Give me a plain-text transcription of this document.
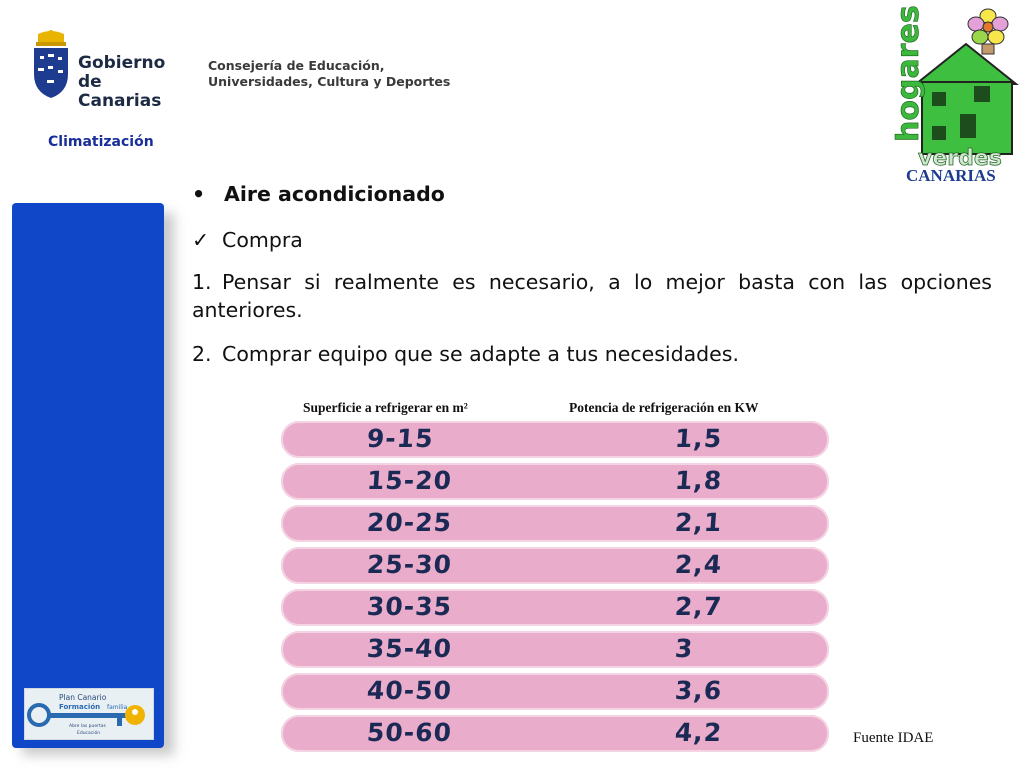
Gobierno
de Canarias
Consejería de Educación,
Universidades, Cultura y Deportes
Climatización	hogares
verdes
CANARIAS
Plan Canario
Formación familia
Abre las puertas
Educación
• Aire acondicionado
✓ Compra
1. Pensar si realmente es necesario, a lo mejor basta con las opciones anteriores.
2. Comprar equipo que se adapte a tus necesidades.
Superficie a refrigerar en m²	Potencia de refrigeración en KW
9-15	1,5
15-20	1,8
20-25	2,1
25-30	2,4
30-35	2,7
35-40	3
40-50	3,6
50-60	4,2	Fuente IDAE
